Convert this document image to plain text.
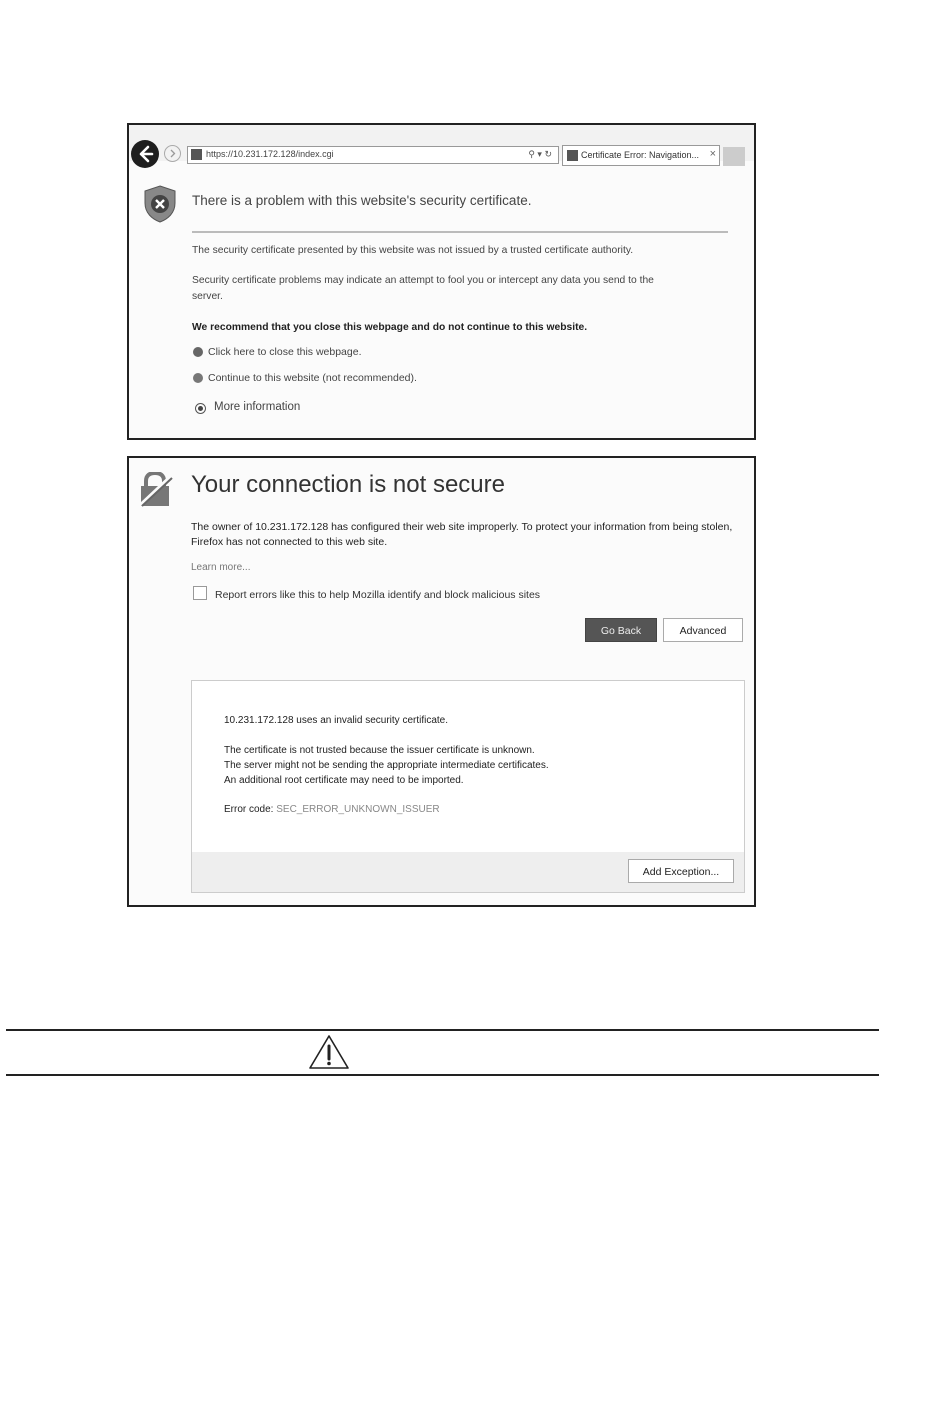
https://10.231.172.128/index.cgi	⚲ ▾ ↻	Certificate Error: Navigation... ×
There is a problem with this website's security certificate.
The security certificate presented by this website was not issued by a trusted certificate authority.
Security certificate problems may indicate an attempt to fool you or intercept any data you send to the
server.
We recommend that you close this webpage and do not continue to this website.
Click here to close this webpage.
Continue to this website (not recommended).
More information
Your connection is not secure
The owner of 10.231.172.128 has configured their web site improperly. To protect your information from being stolen,
Firefox has not connected to this web site.
Learn more...
Report errors like this to help Mozilla identify and block malicious sites
Go Back	Advanced
10.231.172.128 uses an invalid security certificate.
The certificate is not trusted because the issuer certificate is unknown.
The server might not be sending the appropriate intermediate certificates.
An additional root certificate may need to be imported.
Error code: SEC_ERROR_UNKNOWN_ISSUER
Add Exception...
